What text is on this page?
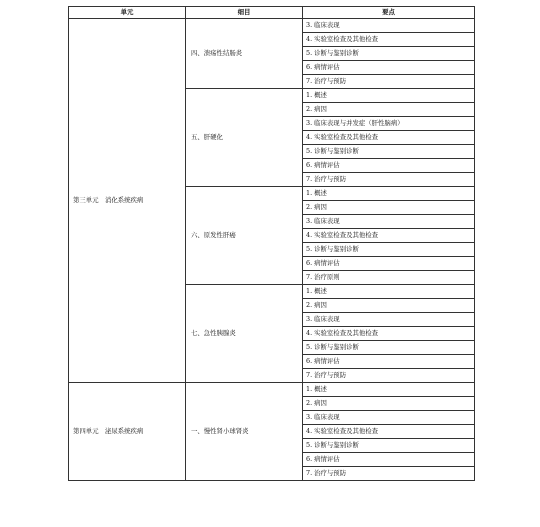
单元	细目	要点
第三单元　消化系统疾病	四、溃疡性结肠炎	3. 临床表现
		4. 实验室检查及其他检查
		5. 诊断与鉴别诊断
		6. 病情评估
		7. 治疗与预防
	五、肝硬化	1. 概述
		2. 病因
		3. 临床表现与并发症（肝性脑病）
		4. 实验室检查及其他检查
		5. 诊断与鉴别诊断
		6. 病情评估
		7. 治疗与预防
	六、原发性肝癌	1. 概述
		2. 病因
		3. 临床表现
		4. 实验室检查及其他检查
		5. 诊断与鉴别诊断
		6. 病情评估
		7. 治疗原则
	七、急性胰腺炎	1. 概述
		2. 病因
		3. 临床表现
		4. 实验室检查及其他检查
		5. 诊断与鉴别诊断
		6. 病情评估
		7. 治疗与预防
第四单元　泌尿系统疾病	一、慢性肾小球肾炎	1. 概述
		2. 病因
		3. 临床表现
		4. 实验室检查及其他检查
		5. 诊断与鉴别诊断
		6. 病情评估
		7. 治疗与预防
